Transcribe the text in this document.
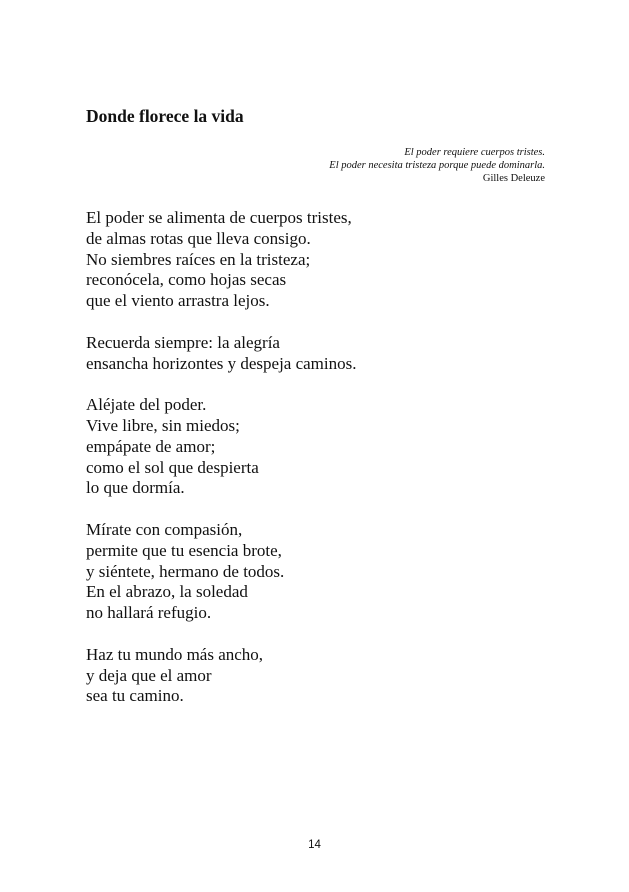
Donde florece la vida
El poder requiere cuerpos tristes.
El poder necesita tristeza porque puede dominarla.
Gilles Deleuze
El poder se alimenta de cuerpos tristes,
de almas rotas que lleva consigo.
No siembres raíces en la tristeza;
reconócela, como hojas secas
que el viento arrastra lejos.
Recuerda siempre: la alegría
ensancha horizontes y despeja caminos.
Aléjate del poder.
Vive libre, sin miedos;
empápate de amor;
como el sol que despierta
lo que dormía.
Mírate con compasión,
permite que tu esencia brote,
y siéntete, hermano de todos.
En el abrazo, la soledad
no hallará refugio.
Haz tu mundo más ancho,
y deja que el amor
sea tu camino.
14
